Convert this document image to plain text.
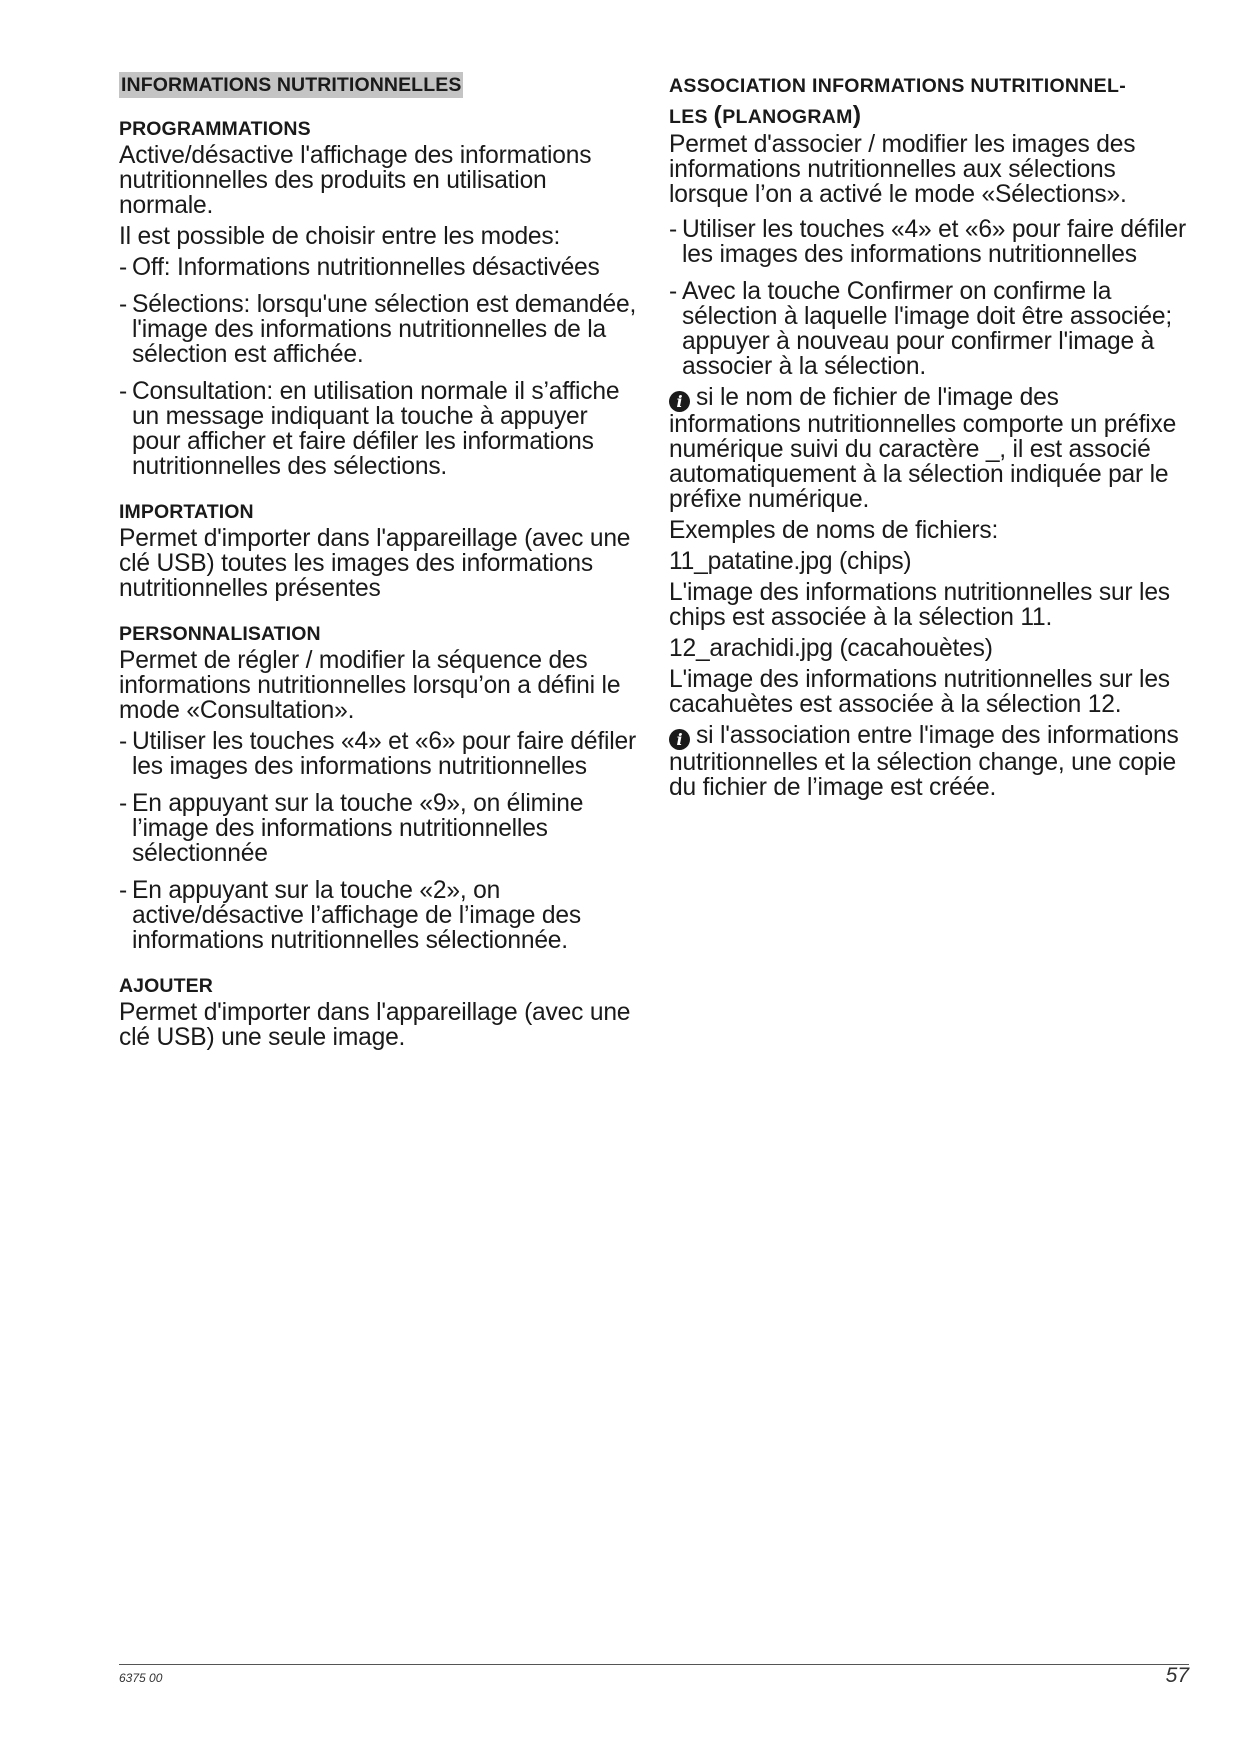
INFORMATIONS NUTRITIONNELLES
PROGRAMMATIONS

Active/désactive l'affichage des informations nutritionnelles des produits en utilisation normale.

Il est possible de choisir entre les modes:

- Off: Informations nutritionnelles désactivées
- Sélections: lorsqu'une sélection est demandée, l'image des informations nutritionnelles de la sélection est affichée.
- Consultation: en utilisation normale il s’affiche un message indiquant la touche à appuyer pour afficher et faire défiler les informations nutritionnelles des sélections.
IMPORTATION

Permet d'importer dans l'appareillage (avec une clé USB) toutes les images des informations nutritionnelles présentes

PERSONNALISATION

Permet de régler / modifier la séquence des informations nutritionnelles lorsqu’on a défini le mode «Consultation».

- Utiliser les touches «4» et «6» pour faire défiler les images des informations nutritionnelles
- En appuyant sur la touche «9», on élimine l’image des informations nutritionnelles sélectionnée
- En appuyant sur la touche «2», on active/désactive l’affichage de l’image des informations nutritionnelles sélectionnée.
AJOUTER

Permet d'importer dans l'appareillage (avec une clé USB) une seule image.

ASSOCIATION INFORMATIONS NUTRITIONNEL-
LES (PLANOGRAM)

Permet d'associer / modifier les images des informations nutritionnelles aux sélections lorsque l’on a activé le mode «Sélections».

- Utiliser les touches «4» et «6» pour faire défiler les images des informations nutritionnelles
- Avec la touche Confirmer on confirme la sélection à laquelle l'image doit être associée; appuyer à nouveau pour confirmer l'image à associer à la sélection.

i si le nom de fichier de l'image des informations nutritionnelles comporte un préfixe numérique suivi du caractère _, il est associé automatiquement à la sélection indiquée par le préfixe numérique.

Exemples de noms de fichiers:

11_patatine.jpg (chips)

L'image des informations nutritionnelles sur les chips est associée à la sélection 11.

12_arachidi.jpg (cacahouètes)

L'image des informations nutritionnelles sur les cacahuètes est associée à la sélection 12.

i si l'association entre l'image des informations nutritionnelles et la sélection change, une copie du fichier de l’image est créée.

6375 00	57
